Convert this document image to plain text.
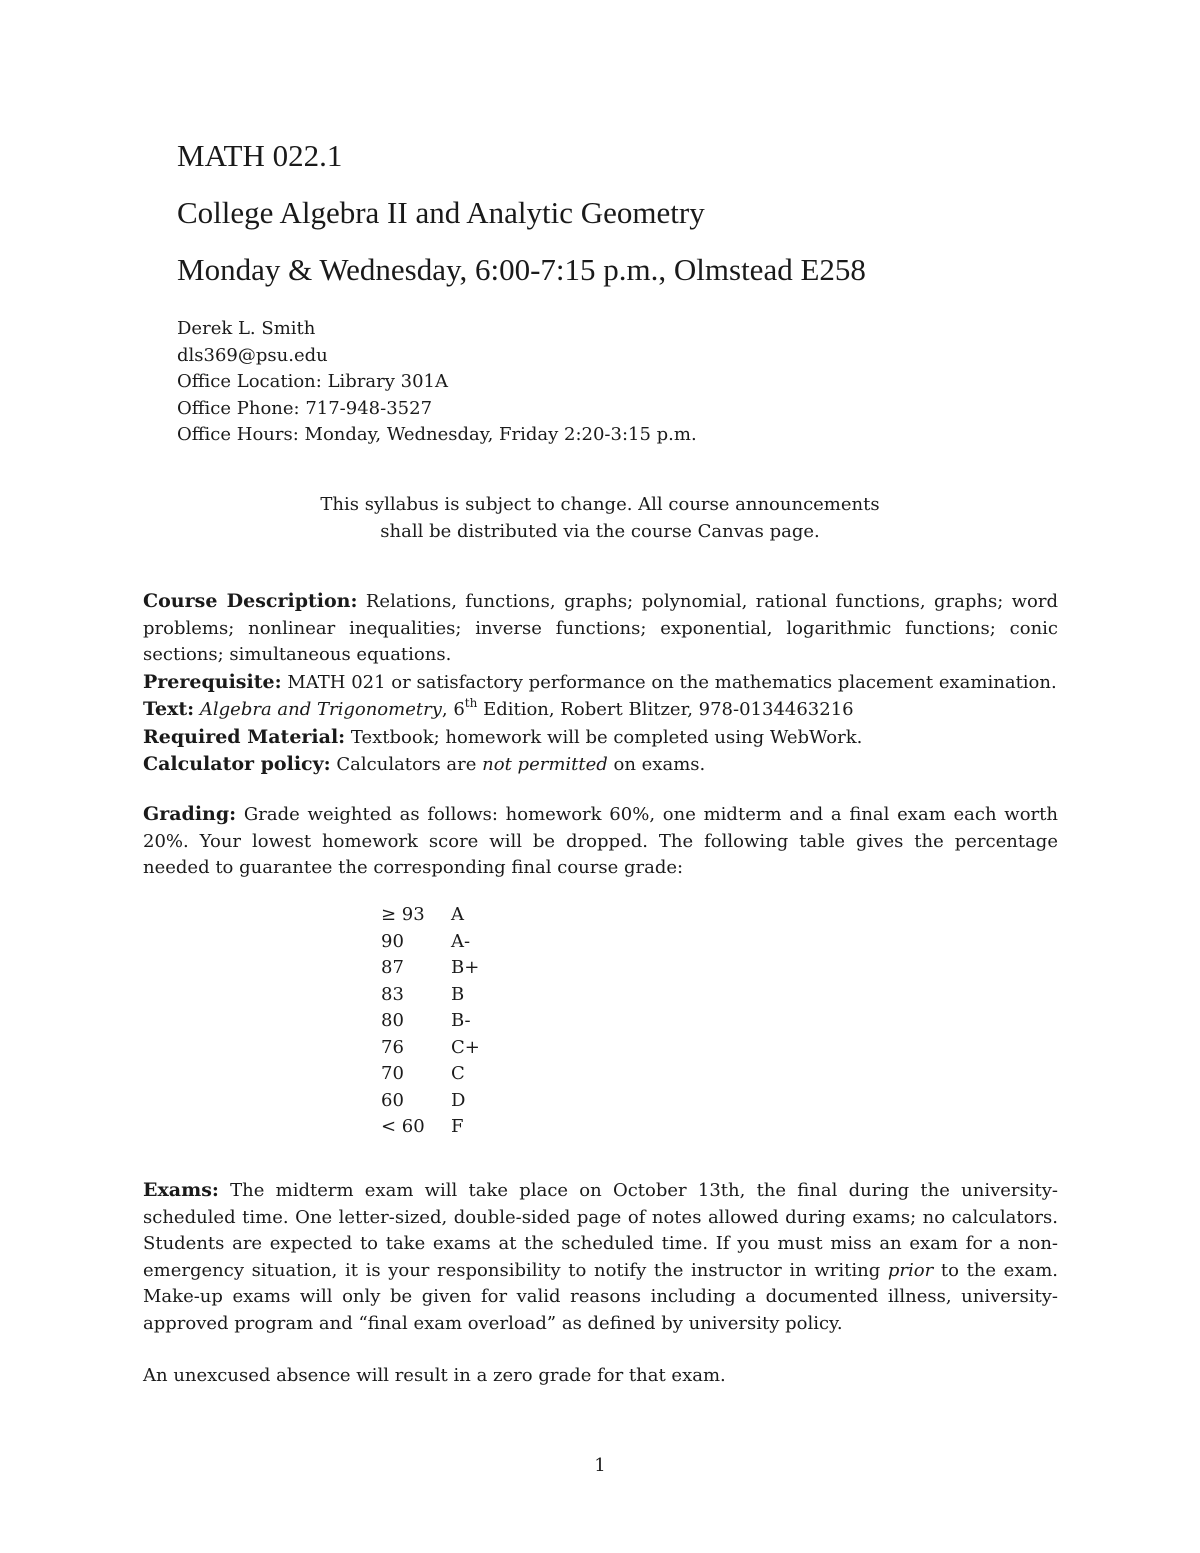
MATH 022.1
College Algebra II and Analytic Geometry
Monday & Wednesday, 6:00-7:15 p.m., Olmstead E258
Derek L. Smith
dls369@psu.edu
Office Location: Library 301A
Office Phone: 717-948-3527
Office Hours: Monday, Wednesday, Friday 2:20-3:15 p.m.
This syllabus is subject to change. All course announcements
shall be distributed via the course Canvas page.
Course Description: Relations, functions, graphs; polynomial, rational functions, graphs; word problems; nonlinear inequalities; inverse functions; exponential, logarithmic functions; conic sections; simultaneous equations.
Prerequisite: MATH 021 or satisfactory performance on the mathematics placement examination.
Text: Algebra and Trigonometry, 6th Edition, Robert Blitzer, 978-0134463216
Required Material: Textbook; homework will be completed using WebWork.
Calculator policy: Calculators are not permitted on exams.
Grading: Grade weighted as follows: homework 60%, one midterm and a final exam each worth 20%. Your lowest homework score will be dropped. The following table gives the percentage needed to guarantee the corresponding final course grade:
≥ 93	A
90	A-
87	B+
83	B
80	B-
76	C+
70	C
60	D
< 60	F
Exams: The midterm exam will take place on October 13th, the final during the university-scheduled time. One letter-sized, double-sided page of notes allowed during exams; no calculators. Students are expected to take exams at the scheduled time. If you must miss an exam for a non-emergency situation, it is your responsibility to notify the instructor in writing prior to the exam. Make-up exams will only be given for valid reasons including a documented illness, university-approved program and “final exam overload” as defined by university policy.
An unexcused absence will result in a zero grade for that exam.
1
